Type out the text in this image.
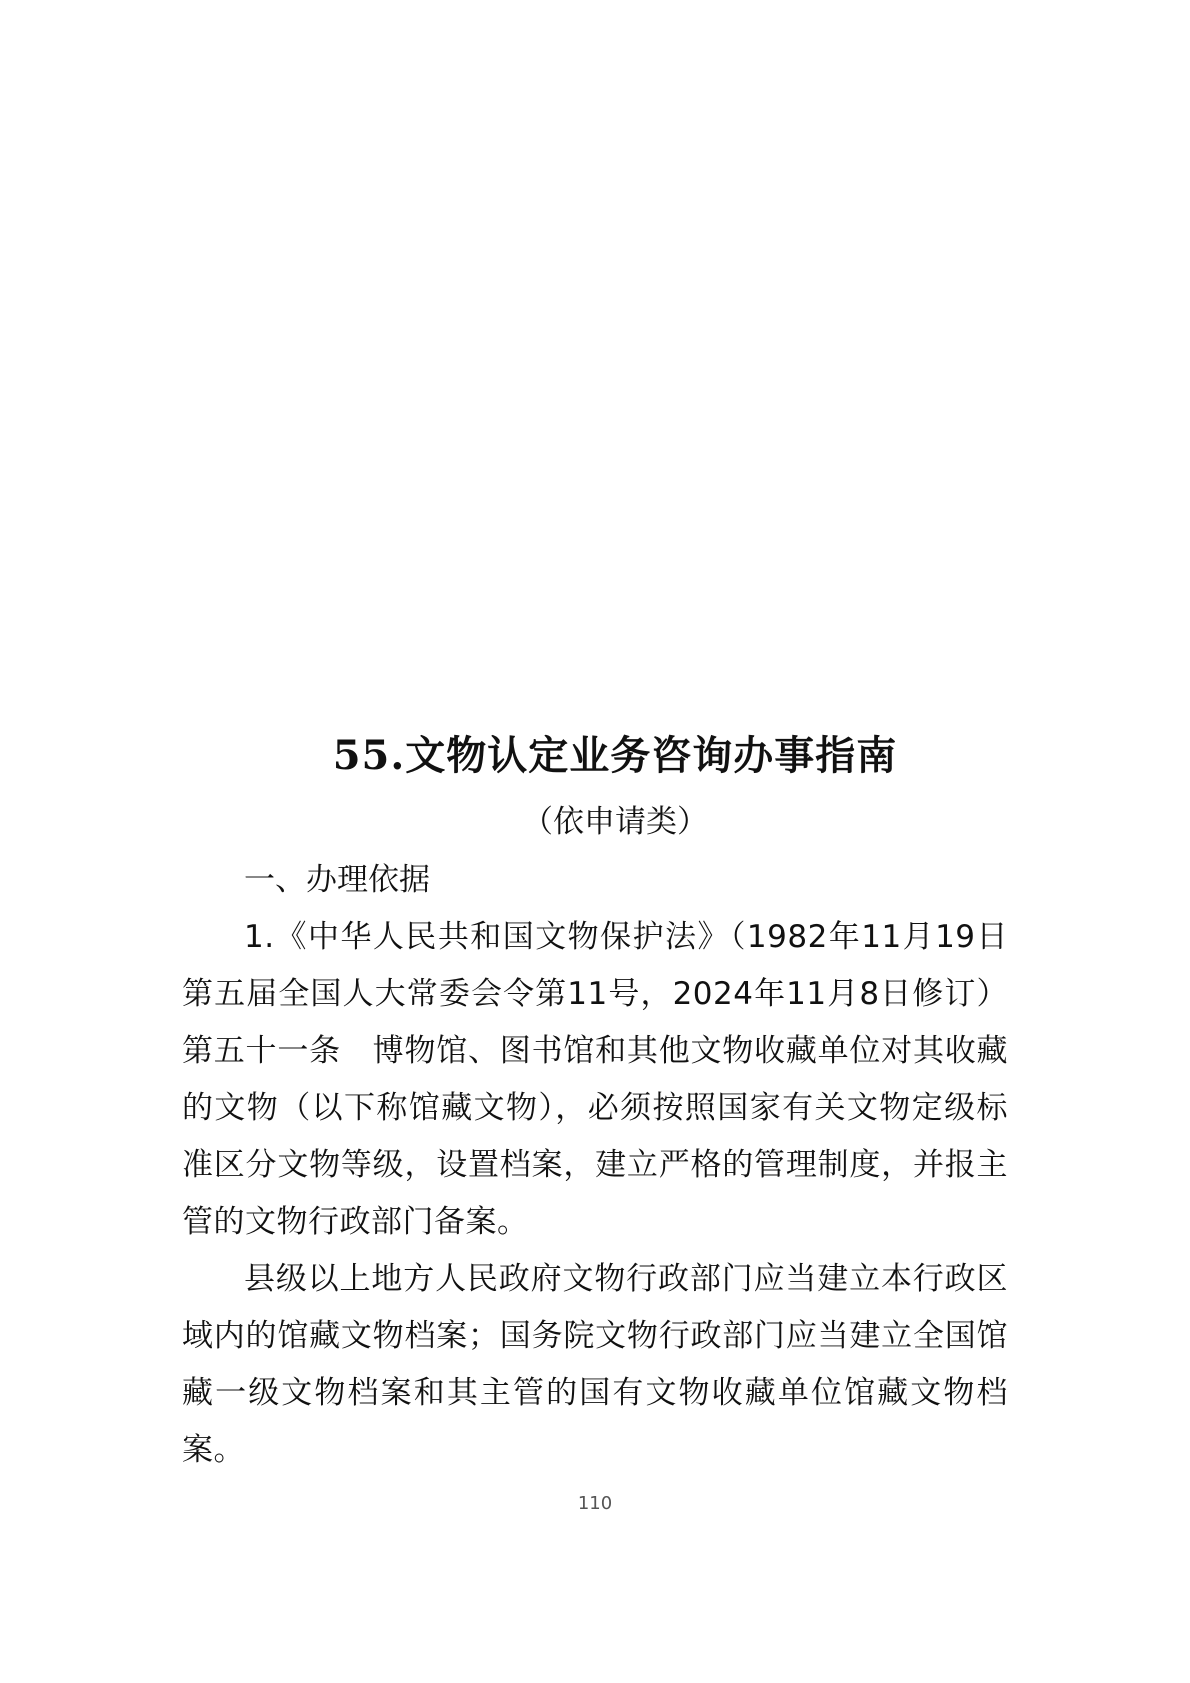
55.文物认定业务咨询办事指南
（依申请类）

一、办理依据

1.《中华人民共和国文物保护法》（1982年11月19日第五届全国人大常委会令第11号，2024年11月8日修订）第五十一条　博物馆、图书馆和其他文物收藏单位对其收藏的文物（以下称馆藏文物），必须按照国家有关文物定级标准区分文物等级，设置档案，建立严格的管理制度，并报主管的文物行政部门备案。

县级以上地方人民政府文物行政部门应当建立本行政区域内的馆藏文物档案；国务院文物行政部门应当建立全国馆藏一级文物档案和其主管的国有文物收藏单位馆藏文物档案。

110
